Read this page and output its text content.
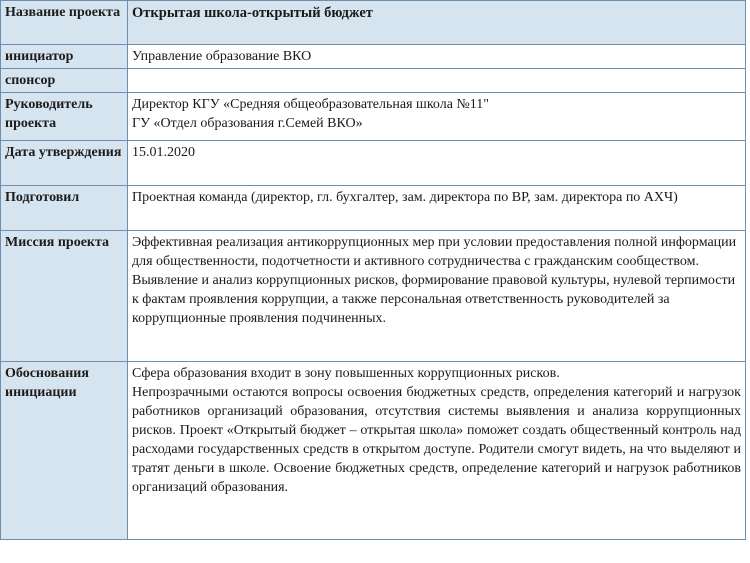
Название проекта	Открытая школа-открытый бюджет
инициатор	Управление образование ВКО
спонсор	
Руководитель проекта	Директор КГУ «Средняя общеобразовательная школа №11"
ГУ «Отдел образования г.Семей ВКО»

Дата утверждения	15.01.2020
Подготовил	Проектная команда (директор, гл. бухгалтер, зам. директора по ВР, зам. директора по АХЧ)
Миссия проекта	Эффективная реализация антикоррупционных мер при условии предоставления полной информации для общественности, подотчетности и активного сотрудничества с гражданским сообществом. Выявление и анализ коррупционных рисков, формирование правовой культуры, нулевой терпимости к фактам проявления коррупции, а также персональная ответственность руководителей за коррупционные проявления подчиненных.
Обоснования инициации	Сфера образования входит в зону повышенных коррупционных рисков.
Непрозрачными остаются вопросы освоения бюджетных средств, определения категорий и нагрузок работников организаций образования, отсутствия системы выявления и анализа коррупционных рисков. Проект «Открытый бюджет – открытая школа» поможет создать общественный контроль над расходами государственных средств в открытом доступе. Родители смогут видеть, на что выделяют и тратят деньги в школе. Освоение бюджетных средств, определение категорий и нагрузок работников организаций образования.
